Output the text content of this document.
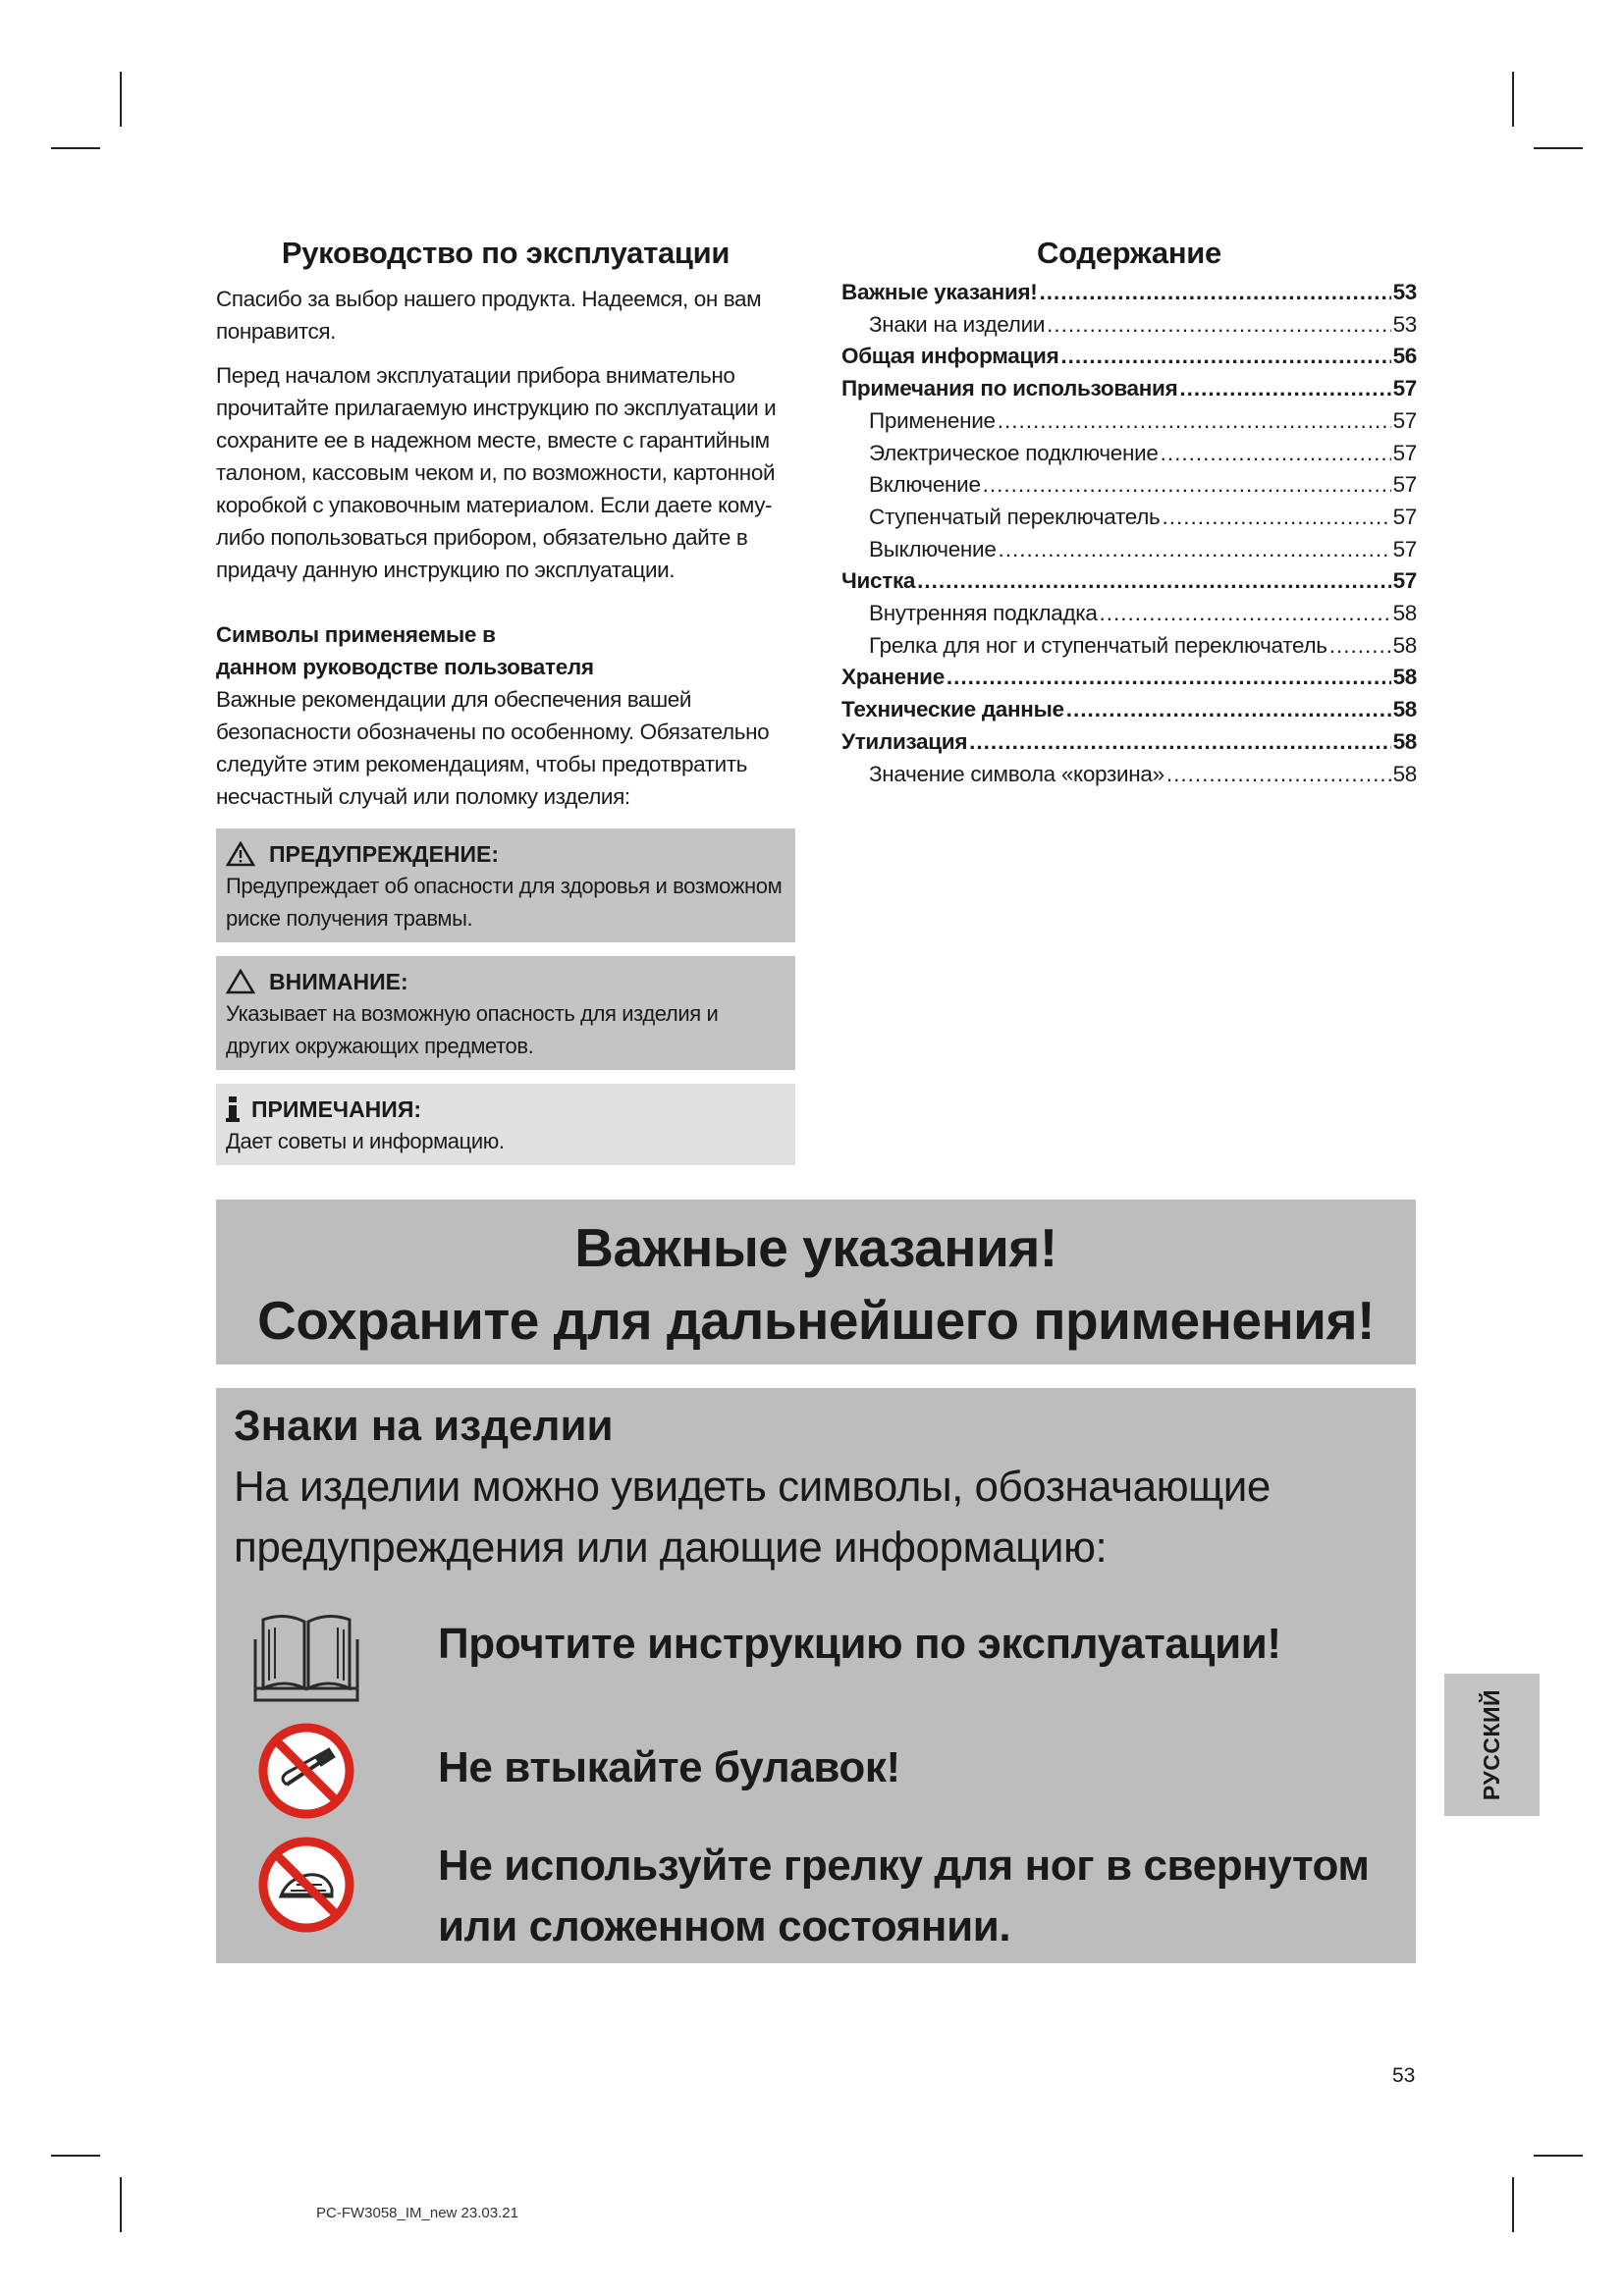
Руководство по эксплуатации

Спасибо за выбор нашего продукта. Надеемся, он вам понравится.

Перед началом эксплуатации прибора внимательно прочитайте прилагаемую инструкцию по эксплуатации и сохраните ее в надежном месте, вместе с гарантийным талоном, кассовым чеком и, по возможности, картонной коробкой с упаковочным материалом. Если даете кому-либо попользоваться прибором, обязательно дайте в придачу данную инструкцию по эксплуатации.

Символы применяемые в
данном руководстве пользователя

Важные рекомендации для обеспечения вашей безопасности обозначены по особенному. Обязательно следуйте этим рекомендациям, чтобы предотвратить несчастный случай или поломку изделия:

ПРЕДУПРЕЖДЕНИЕ:
Предупреждает об опасности для здоровья и возможном риске получения травмы.
ВНИМАНИЕ:
Указывает на возможную опасность для изделия и других окружающих предметов.
ПРИМЕЧАНИЯ:
Дает советы и информацию.
Содержание
Важные указания! .....	53
Знаки на изделии .....	53
Общая информация .....	56
Примечания по использования .....	57
Применение .....	57
Электрическое подключение .....	57
Включение .....	57
Ступенчатый переключатель .....	57
Выключение .....	57
Чистка .....	57
Внутренняя подкладка .....	58
Грелка для ног и ступенчатый переключатель .....	58
Хранение .....	58
Технические данные .....	58
Утилизация .....	58
Значение символа «корзина» .....	58
Важные указания!
Сохраните для дальнейшего применения!
Знаки на изделии
На изделии можно увидеть символы, обозначающие предупреждения или дающие информацию:
Прочтите инструкцию по эксплуатации!
Не втыкайте булавок!
Не используйте грелку для ног в свернутом или сложенном состоянии.
РУССКИЙ
53
PC-FW3058_IM_new 23.03.21
